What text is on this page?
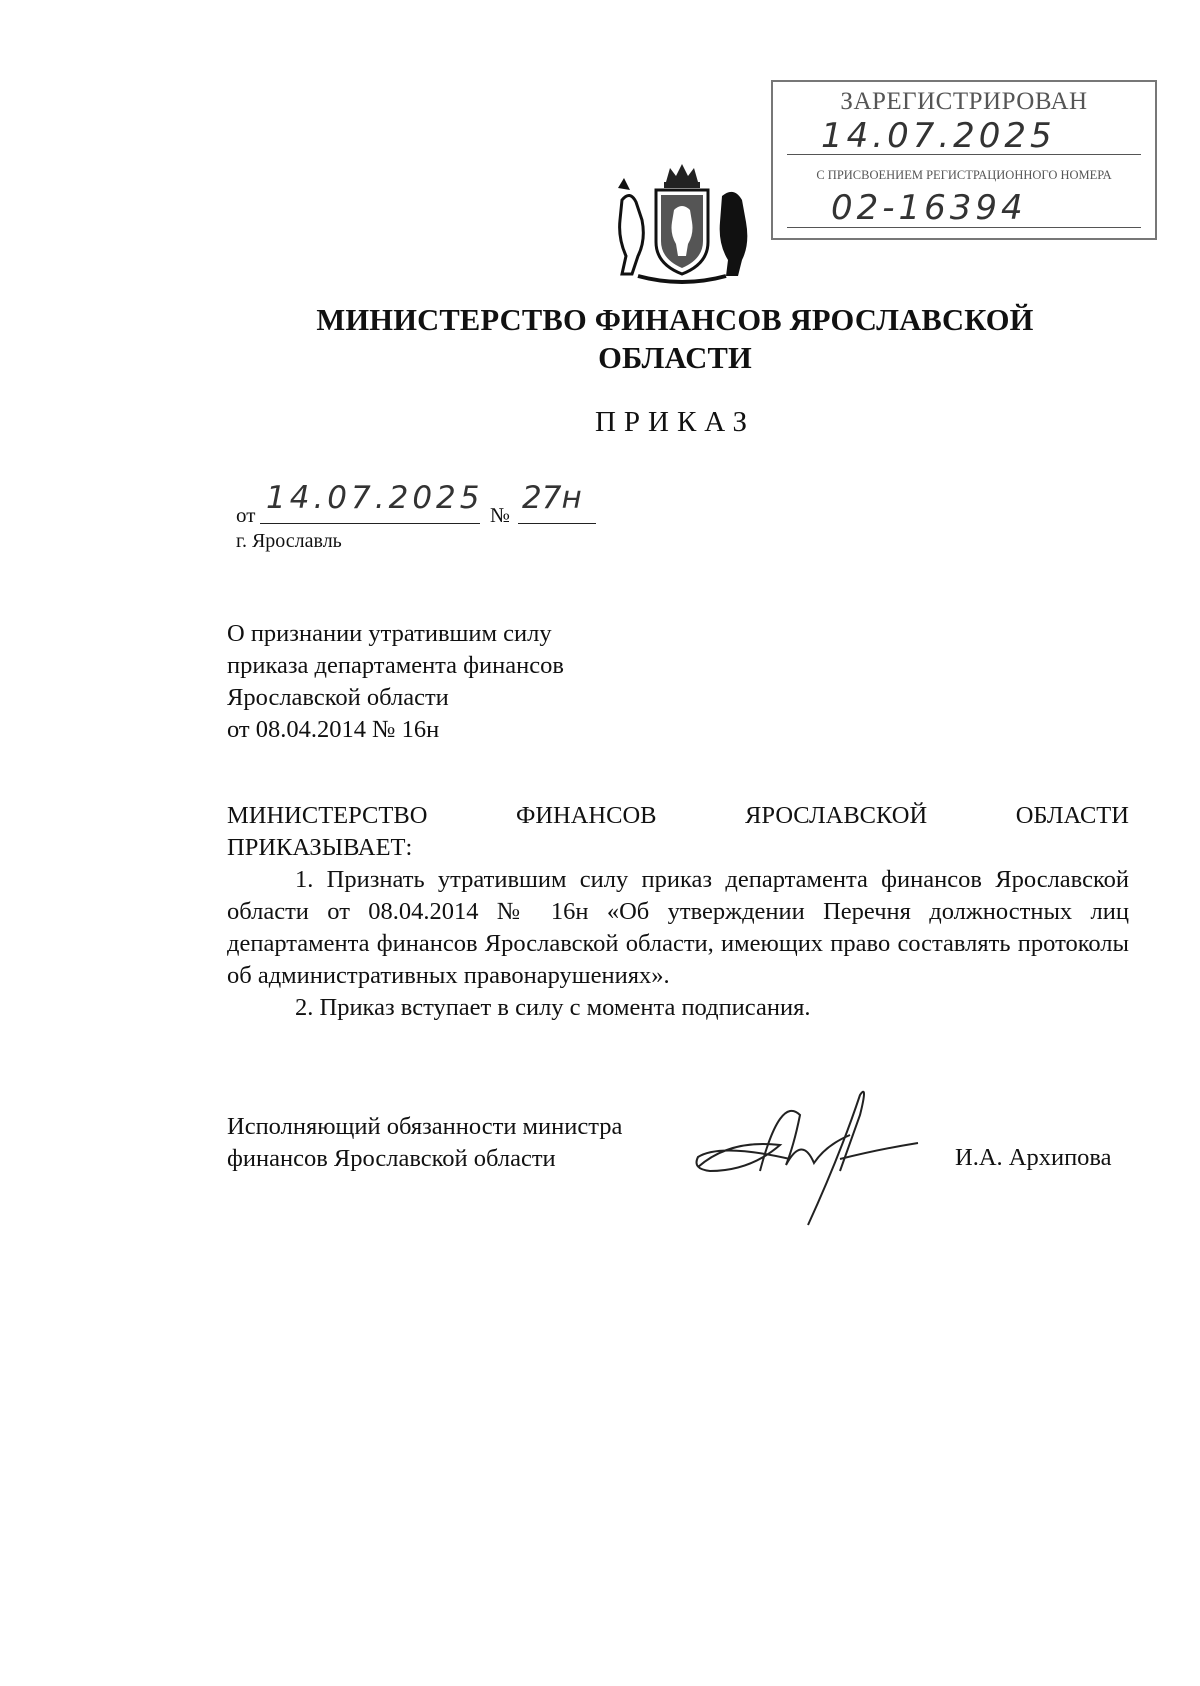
ЗАРЕГИСТРИРОВАН
14.07.2025
С ПРИСВОЕНИЕМ РЕГИСТРАЦИОННОГО НОМЕРА
02-16394
МИНИСТЕРСТВО ФИНАНСОВ ЯРОСЛАВСКОЙ
ОБЛАСТИ
ПРИКАЗ
от 14.07.2025 № 27н
г. Ярославль
О признании утратившим силу
приказа департамента финансов
Ярославской области
от 08.04.2014 № 16н
МИНИСТЕРСТВО	ФИНАНСОВ	ЯРОСЛАВСКОЙ	ОБЛАСТИ
ПРИКАЗЫВАЕТ:
1. Признать утратившим силу приказ департамента финансов Ярославской области от 08.04.2014 № 16н «Об утверждении Перечня должностных лиц департамента финансов Ярославской области, имеющих право составлять протоколы об административных правонарушениях».
2. Приказ вступает в силу с момента подписания.
Исполняющий обязанности министра
финансов Ярославской области	И.А. Архипова
